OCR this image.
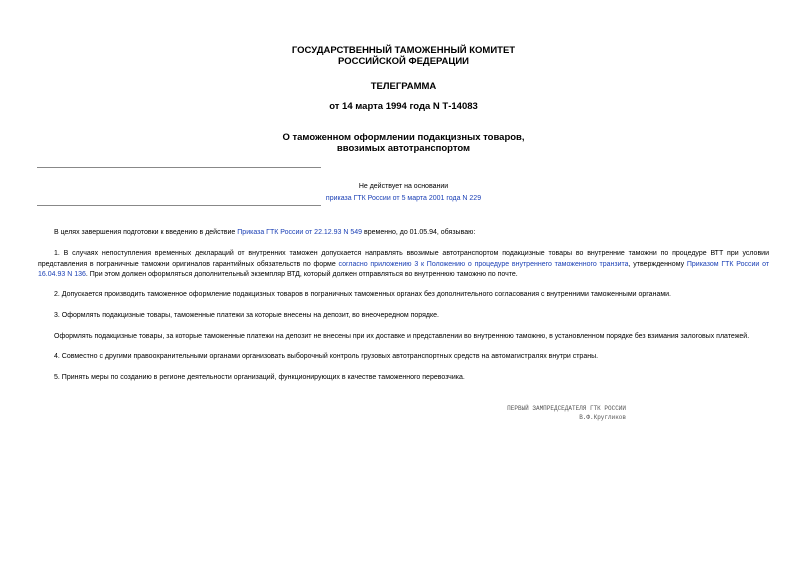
ГОСУДАРСТВЕННЫЙ ТАМОЖЕННЫЙ КОМИТЕТ
РОССИЙСКОЙ ФЕДЕРАЦИИ
ТЕЛЕГРАММА
от 14 марта 1994 года N Т-14083
О таможенном оформлении подакцизных товаров,
ввозимых автотранспортом
Не действует на основании
приказа ГТК России от 5 марта 2001 года N 229
В целях завершения подготовки к введению в действие Приказа ГТК России от 22.12.93 N 549 временно, до 01.05.94, обязываю:
1. В случаях непоступления временных деклараций от внутренних таможен допускается направлять ввозимые автотранспортом подакцизные товары во внутренние таможни по процедуре ВТТ при условии представления в пограничные таможни оригиналов гарантийных обязательств по форме согласно приложению 3 к Положению о процедуре внутреннего таможенного транзита, утвержденному Приказом ГТК России от 16.04.93 N 136. При этом должен оформляться дополнительный экземпляр ВТД, который должен отправляться во внутреннюю таможню по почте.
2. Допускается производить таможенное оформление подакцизных товаров в пограничных таможенных органах без дополнительного согласования с внутренними таможенными органами.
3. Оформлять подакцизные товары, таможенные платежи за которые внесены на депозит, во внеочередном порядке.
Оформлять подакцизные товары, за которые таможенные платежи на депозит не внесены при их доставке и представлении во внутреннюю таможню, в установленном порядке без взимания залоговых платежей.
4. Совместно с другими правоохранительными органами организовать выборочный контроль грузовых автотранспортных средств на автомагистралях внутри страны.
5. Принять меры по созданию в регионе деятельности организаций, функционирующих в качестве таможенного перевозчика.
ПЕРВЫЙ ЗАМПРЕДСЕДАТЕЛЯ ГТК РОССИИ
В.Ф.Кругликов
